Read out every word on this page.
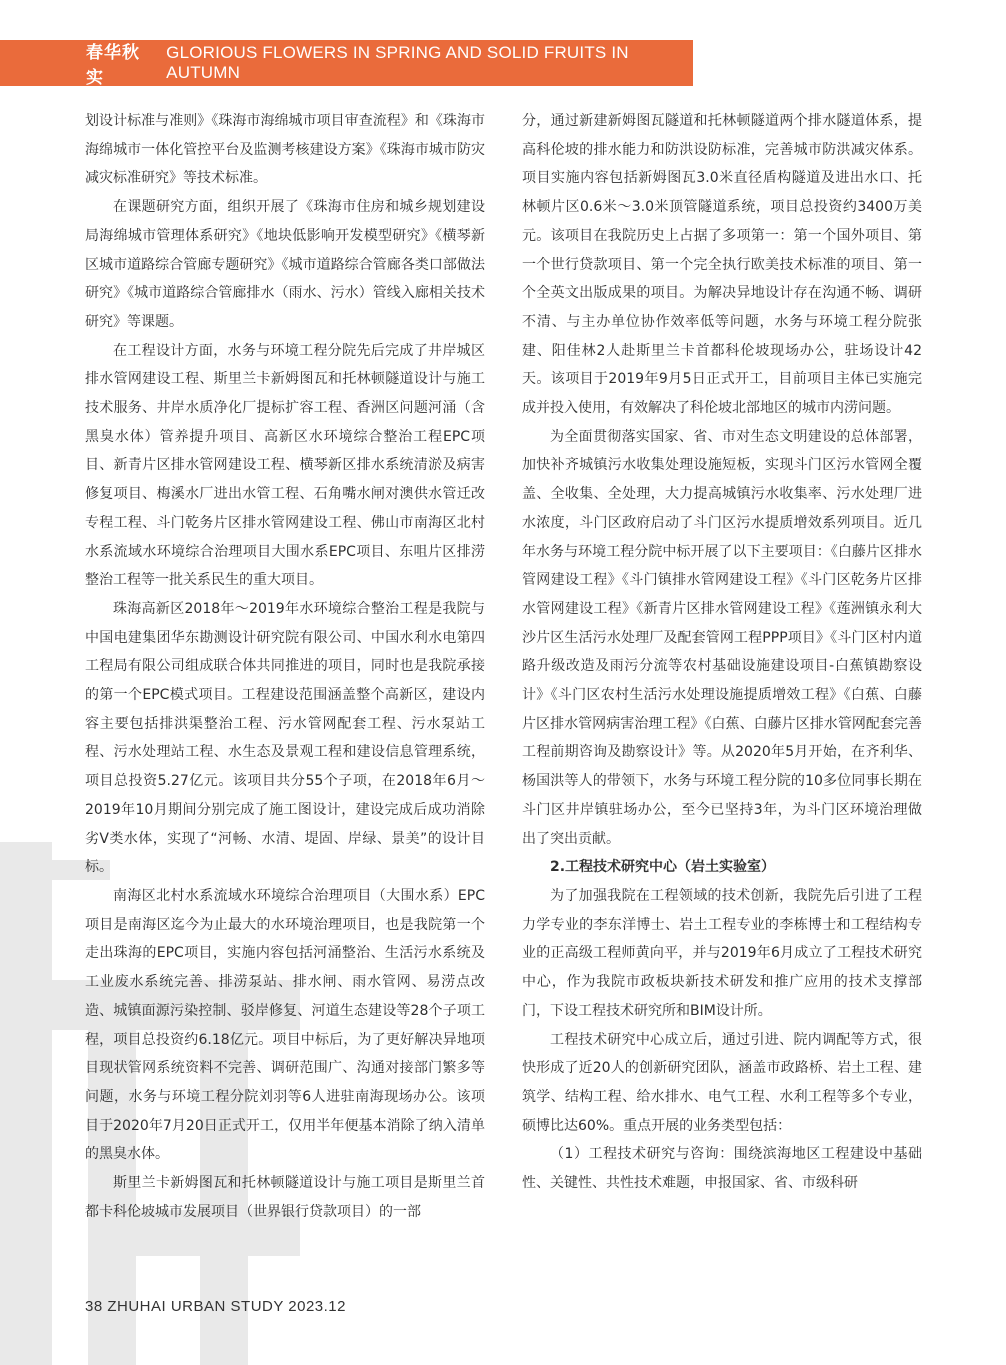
春华秋实
GLORIOUS FLOWERS IN SPRING AND SOLID FRUITS IN AUTUMN

划设计标准与准则》《珠海市海绵城市项目审查流程》和《珠海市海绵城市一体化管控平台及监测考核建设方案》《珠海市城市防灾减灾标准研究》等技术标准。

在课题研究方面，组织开展了《珠海市住房和城乡规划建设局海绵城市管理体系研究》《地块低影响开发模型研究》《横琴新区城市道路综合管廊专题研究》《城市道路综合管廊各类口部做法研究》《城市道路综合管廊排水（雨水、污水）管线入廊相关技术研究》等课题。

在工程设计方面，水务与环境工程分院先后完成了井岸城区排水管网建设工程、斯里兰卡新姆图瓦和托林顿隧道设计与施工技术服务、井岸水质净化厂提标扩容工程、香洲区问题河涌（含黑臭水体）管养提升项目、高新区水环境综合整治工程EPC项目、新青片区排水管网建设工程、横琴新区排水系统清淤及病害修复项目、梅溪水厂进出水管工程、石角嘴水闸对澳供水管迁改专程工程、斗门乾务片区排水管网建设工程、佛山市南海区北村水系流域水环境综合治理项目大围水系EPC项目、东咀片区排涝整治工程等一批关系民生的重大项目。

珠海高新区2018年～2019年水环境综合整治工程是我院与中国电建集团华东勘测设计研究院有限公司、中国水利水电第四工程局有限公司组成联合体共同推进的项目，同时也是我院承接的第一个EPC模式项目。工程建设范围涵盖整个高新区，建设内容主要包括排洪渠整治工程、污水管网配套工程、污水泵站工程、污水处理站工程、水生态及景观工程和建设信息管理系统，项目总投资5.27亿元。该项目共分55个子项，在2018年6月～2019年10月期间分别完成了施工图设计，建设完成后成功消除劣V类水体，实现了“河畅、水清、堤固、岸绿、景美”的设计目标。

南海区北村水系流域水环境综合治理项目（大围水系）EPC项目是南海区迄今为止最大的水环境治理项目，也是我院第一个走出珠海的EPC项目，实施内容包括河涌整治、生活污水系统及工业废水系统完善、排涝泵站、排水闸、雨水管网、易涝点改造、城镇面源污染控制、驳岸修复、河道生态建设等28个子项工程，项目总投资约6.18亿元。项目中标后，为了更好解决异地项目现状管网系统资料不完善、调研范围广、沟通对接部门繁多等问题，水务与环境工程分院刘羽等6人进驻南海现场办公。该项目于2020年7月20日正式开工，仅用半年便基本消除了纳入清单的黑臭水体。

斯里兰卡新姆图瓦和托林顿隧道设计与施工项目是斯里兰首都卡科伦坡城市发展项目（世界银行贷款项目）的一部

分，通过新建新姆图瓦隧道和托林顿隧道两个排水隧道体系，提高科伦坡的排水能力和防洪设防标准，完善城市防洪减灾体系。项目实施内容包括新姆图瓦3.0米直径盾构隧道及进出水口、托林顿片区0.6米～3.0米顶管隧道系统，项目总投资约3400万美元。该项目在我院历史上占据了多项第一：第一个国外项目、第一个世行贷款项目、第一个完全执行欧美技术标准的项目、第一个全英文出版成果的项目。为解决异地设计存在沟通不畅、调研不清、与主办单位协作效率低等问题，水务与环境工程分院张建、阳佳林2人赴斯里兰卡首都科伦坡现场办公，驻场设计42天。该项目于2019年9月5日正式开工，目前项目主体已实施完成并投入使用，有效解决了科伦坡北部地区的城市内涝问题。

为全面贯彻落实国家、省、市对生态文明建设的总体部署，加快补齐城镇污水收集处理设施短板，实现斗门区污水管网全覆盖、全收集、全处理，大力提高城镇污水收集率、污水处理厂进水浓度，斗门区政府启动了斗门区污水提质增效系列项目。近几年水务与环境工程分院中标开展了以下主要项目：《白藤片区排水管网建设工程》《斗门镇排水管网建设工程》《斗门区乾务片区排水管网建设工程》《新青片区排水管网建设工程》《莲洲镇永利大沙片区生活污水处理厂及配套管网工程PPP项目》《斗门区村内道路升级改造及雨污分流等农村基础设施建设项目-白蕉镇勘察设计》《斗门区农村生活污水处理设施提质增效工程》《白蕉、白藤片区排水管网病害治理工程》《白蕉、白藤片区排水管网配套完善工程前期咨询及勘察设计》等。从2020年5月开始，在齐利华、杨国洪等人的带领下，水务与环境工程分院的10多位同事长期在斗门区井岸镇驻场办公，至今已坚持3年，为斗门区环境治理做出了突出贡献。

2.工程技术研究中心（岩土实验室）

为了加强我院在工程领域的技术创新，我院先后引进了工程力学专业的李东洋博士、岩土工程专业的李栋博士和工程结构专业的正高级工程师黄向平，并与2019年6月成立了工程技术研究中心，作为我院市政板块新技术研发和推广应用的技术支撑部门，下设工程技术研究所和BIM设计所。

工程技术研究中心成立后，通过引进、院内调配等方式，很快形成了近20人的创新研究团队，涵盖市政路桥、岩土工程、建筑学、结构工程、给水排水、电气工程、水利工程等多个专业，硕博比达60%。重点开展的业务类型包括：

（1）工程技术研究与咨询：围绕滨海地区工程建设中基础性、关键性、共性技术难题，申报国家、省、市级科研

38 ZHUHAI URBAN STUDY 2023.12
